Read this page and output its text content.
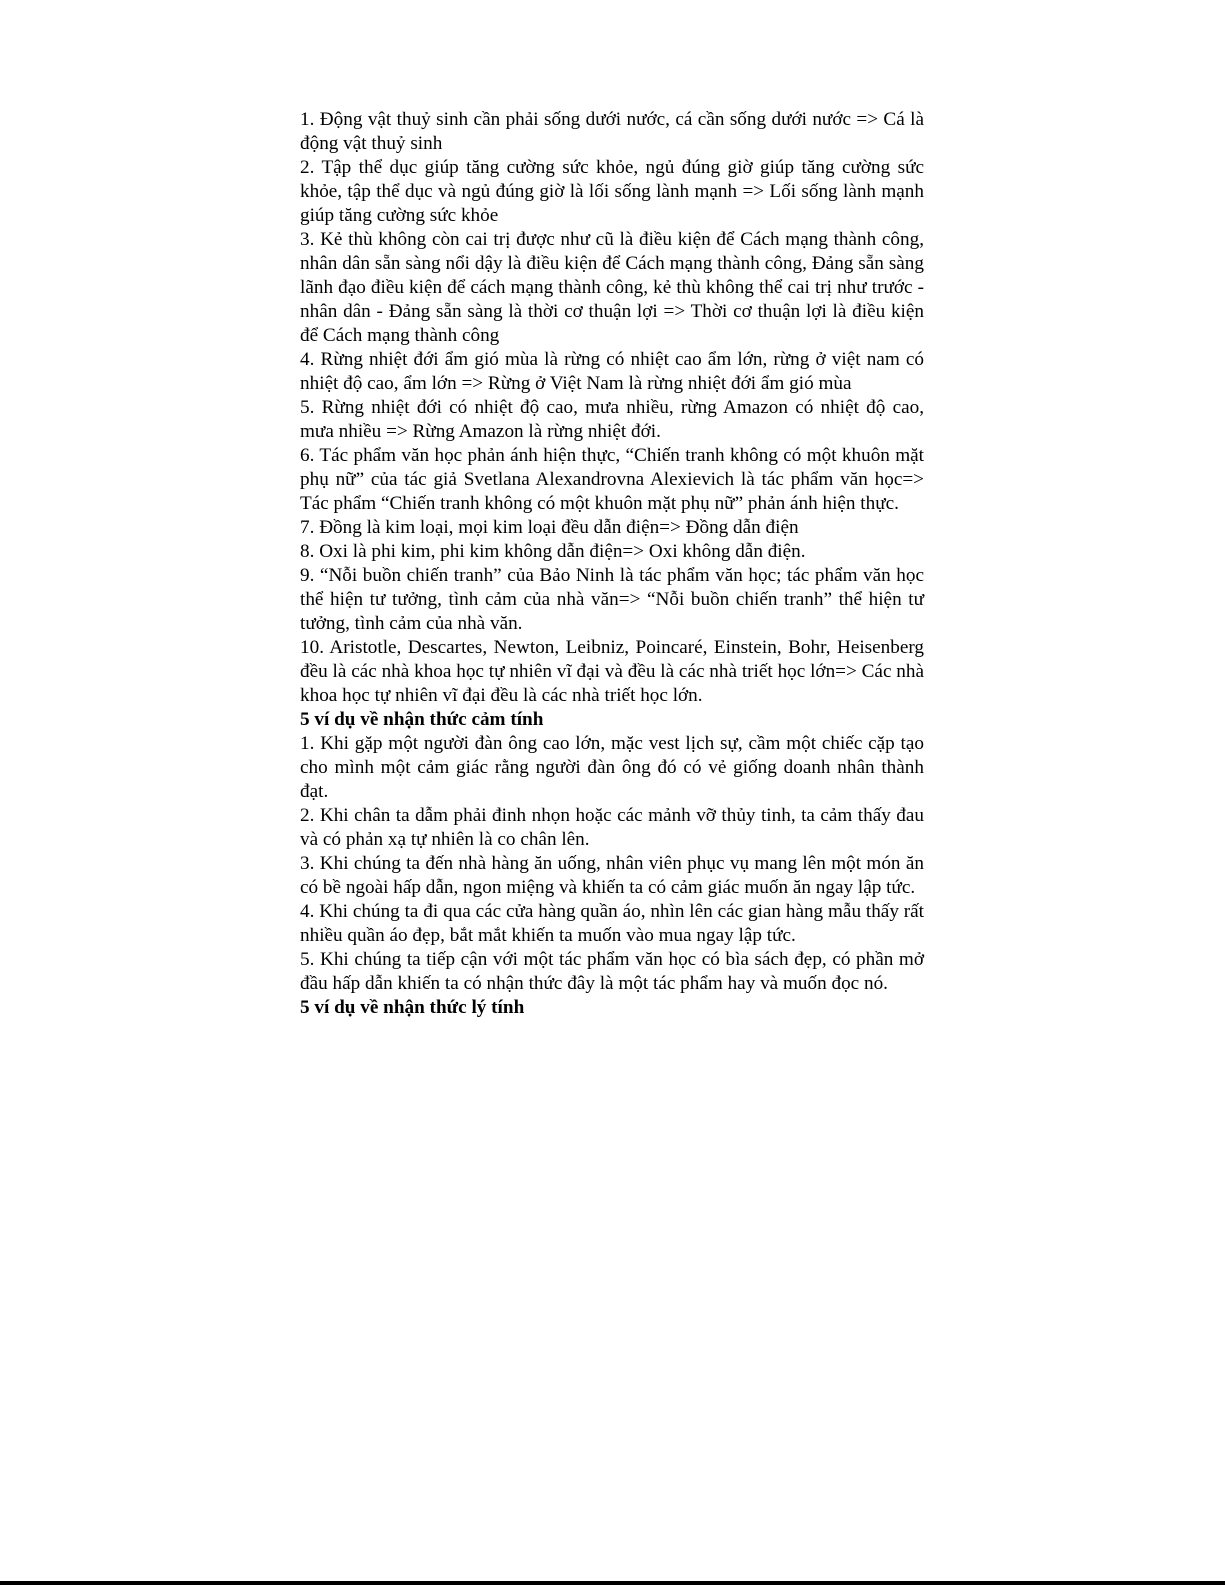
1. Động vật thuỷ sinh cần phải sống dưới nước, cá cần sống dưới nước => Cá là động vật thuỷ sinh

2. Tập thể dục giúp tăng cường sức khỏe, ngủ đúng giờ giúp tăng cường sức khỏe, tập thể dục và ngủ đúng giờ là lối sống lành mạnh => Lối sống lành mạnh giúp tăng cường sức khỏe

3. Kẻ thù không còn cai trị được như cũ là điều kiện để Cách mạng thành công, nhân dân sẵn sàng nổi dậy là điều kiện để Cách mạng thành công, Đảng sẵn sàng lãnh đạo điều kiện để cách mạng thành công, kẻ thù không thể cai trị như trước - nhân dân - Đảng sẵn sàng là thời cơ thuận lợi => Thời cơ thuận lợi là điều kiện để Cách mạng thành công

4. Rừng nhiệt đới ẩm gió mùa là rừng có nhiệt cao ẩm lớn, rừng ở việt nam có nhiệt độ cao, ẩm lớn => Rừng ở Việt Nam là rừng nhiệt đới ẩm gió mùa

5. Rừng nhiệt đới có nhiệt độ cao, mưa nhiều, rừng Amazon có nhiệt độ cao, mưa nhiều => Rừng Amazon là rừng nhiệt đới.

6. Tác phẩm văn học phản ánh hiện thực, “Chiến tranh không có một khuôn mặt phụ nữ” của tác giả Svetlana Alexandrovna Alexievich là tác phẩm văn học=> Tác phẩm “Chiến tranh không có một khuôn mặt phụ nữ” phản ánh hiện thực.

7. Đồng là kim loại, mọi kim loại đều dẫn điện=> Đồng dẫn điện

8. Oxi là phi kim, phi kim không dẫn điện=> Oxi không dẫn điện.

9. “Nỗi buồn chiến tranh” của Bảo Ninh là tác phẩm văn học; tác phẩm văn học thể hiện tư tưởng, tình cảm của nhà văn=> “Nỗi buồn chiến tranh” thể hiện tư tưởng, tình cảm của nhà văn.

10. Aristotle, Descartes, Newton, Leibniz, Poincaré, Einstein, Bohr, Heisenberg đều là các nhà khoa học tự nhiên vĩ đại và đều là các nhà triết học lớn=> Các nhà khoa học tự nhiên vĩ đại đều là các nhà triết học lớn.

5 ví dụ về nhận thức cảm tính

1. Khi gặp một người đàn ông cao lớn, mặc vest lịch sự, cầm một chiếc cặp tạo cho mình một cảm giác rằng người đàn ông đó có vẻ giống doanh nhân thành đạt.

2. Khi chân ta dẫm phải đinh nhọn hoặc các mảnh vỡ thủy tinh, ta cảm thấy đau và có phản xạ tự nhiên là co chân lên.

3. Khi chúng ta đến nhà hàng ăn uống, nhân viên phục vụ mang lên một món ăn có bề ngoài hấp dẫn, ngon miệng và khiến ta có cảm giác muốn ăn ngay lập tức.

4. Khi chúng ta đi qua các cửa hàng quần áo, nhìn lên các gian hàng mẫu thấy rất nhiều quần áo đẹp, bắt mắt khiến ta muốn vào mua ngay lập tức.

5. Khi chúng ta tiếp cận với một tác phẩm văn học có bìa sách đẹp, có phần mở đầu hấp dẫn khiến ta có nhận thức đây là một tác phẩm hay và muốn đọc nó.

5 ví dụ về nhận thức lý tính
